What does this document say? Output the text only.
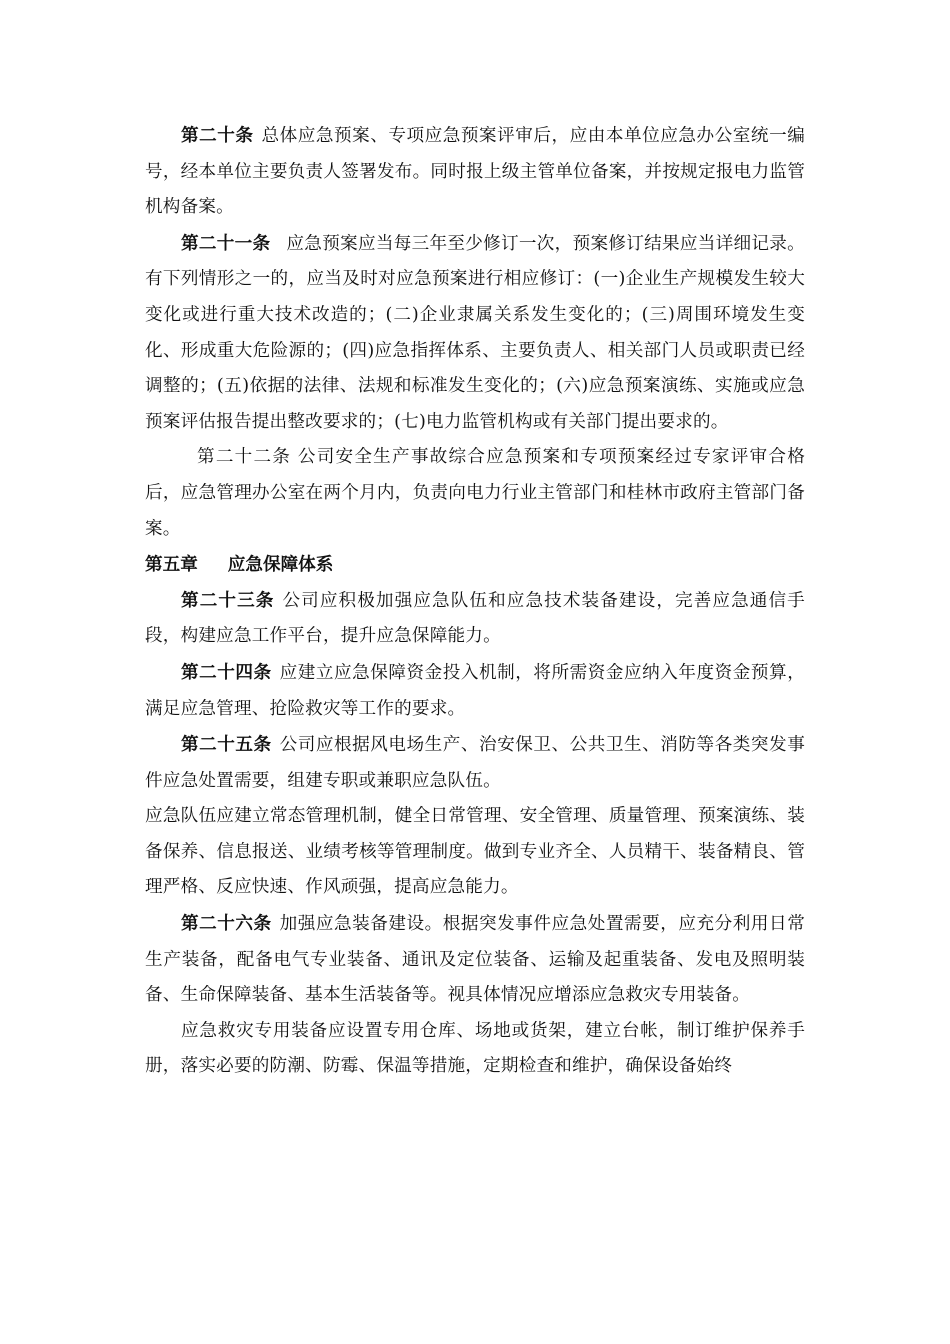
第二十条 总体应急预案、专项应急预案评审后，应由本单位应急办公室统一编号，经本单位主要负责人签署发布。同时报上级主管单位备案，并按规定报电力监管机构备案。

第二十一条 应急预案应当每三年至少修订一次，预案修订结果应当详细记录。有下列情形之一的，应当及时对应急预案进行相应修订：(一)企业生产规模发生较大变化或进行重大技术改造的；(二)企业隶属关系发生变化的；(三)周围环境发生变化、形成重大危险源的；(四)应急指挥体系、主要负责人、相关部门人员或职责已经调整的；(五)依据的法律、法规和标准发生变化的；(六)应急预案演练、实施或应急预案评估报告提出整改要求的；(七)电力监管机构或有关部门提出要求的。

第二十二条 公司安全生产事故综合应急预案和专项预案经过专家评审合格后，应急管理办公室在两个月内，负责向电力行业主管部门和桂林市政府主管部门备案。

第五章 应急保障体系

第二十三条 公司应积极加强应急队伍和应急技术装备建设，完善应急通信手段，构建应急工作平台，提升应急保障能力。

第二十四条 应建立应急保障资金投入机制，将所需资金应纳入年度资金预算，满足应急管理、抢险救灾等工作的要求。

第二十五条 公司应根据风电场生产、治安保卫、公共卫生、消防等各类突发事件应急处置需要，组建专职或兼职应急队伍。

应急队伍应建立常态管理机制，健全日常管理、安全管理、质量管理、预案演练、装备保养、信息报送、业绩考核等管理制度。做到专业齐全、人员精干、装备精良、管理严格、反应快速、作风顽强，提高应急能力。

第二十六条 加强应急装备建设。根据突发事件应急处置需要，应充分利用日常生产装备，配备电气专业装备、通讯及定位装备、运输及起重装备、发电及照明装备、生命保障装备、基本生活装备等。视具体情况应增添应急救灾专用装备。

应急救灾专用装备应设置专用仓库、场地或货架，建立台帐，制订维护保养手册，落实必要的防潮、防霉、保温等措施，定期检查和维护，确保设备始终
